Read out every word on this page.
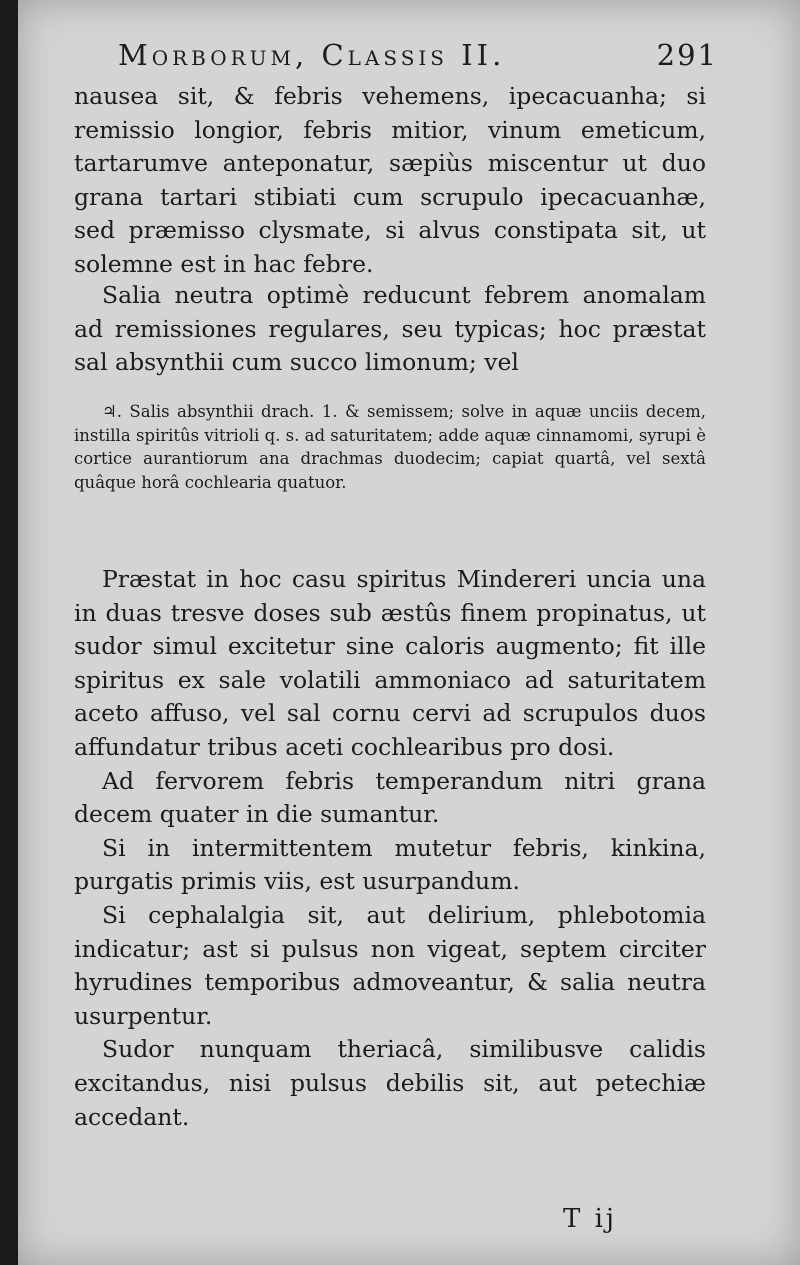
Morborum, Classis II.	291

nausea sit, & febris vehemens, ipecacuanha; si remissio longior, febris mitior, vinum emeticum, tartarumve anteponatur, sæpiùs miscentur ut duo grana tartari stibiati cum scrupulo ipecacuanhæ, sed præmisso clysmate, si alvus constipata sit, ut solemne est in hac febre.

Salia neutra optimè reducunt febrem anomalam ad remissiones regulares, seu typicas; hoc præstat sal absynthii cum succo limonum; vel

♃. Salis absynthii drach. 1. & semissem; solve in aquæ unciis decem, instilla spiritûs vitrioli q. s. ad saturitatem; adde aquæ cinnamomi, syrupi è cortice aurantiorum ana drachmas duodecim; capiat quartâ, vel sextâ quâque horâ cochlearia quatuor.

Præstat in hoc casu spiritus Mindereri uncia una in duas tresve doses sub æstûs finem propinatus, ut sudor simul excitetur sine caloris augmento; fit ille spiritus ex sale volatili ammoniaco ad saturitatem aceto affuso, vel sal cornu cervi ad scrupulos duos affundatur tribus aceti cochlearibus pro dosi.

Ad fervorem febris temperandum nitri grana decem quater in die sumantur.

Si in intermittentem mutetur febris, kinkina, purgatis primis viis, est usurpandum.

Si cephalalgia sit, aut delirium, phlebotomia indicatur; ast si pulsus non vigeat, septem circiter hyrudines temporibus admoveantur, & salia neutra usurpentur.

Sudor nunquam theriacâ, similibusve calidis excitandus, nisi pulsus debilis sit, aut petechiæ accedant.

T ij
